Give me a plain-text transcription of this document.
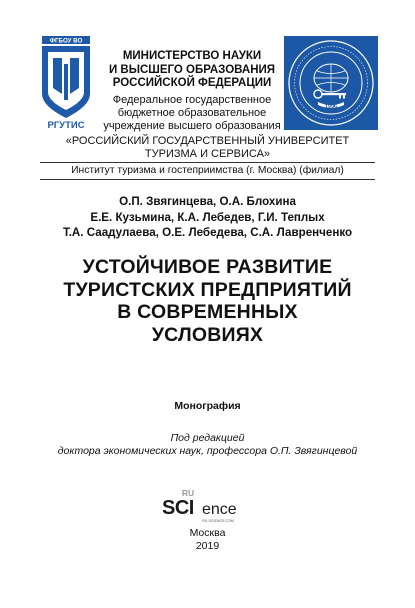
ФГБОУ ВО
РГУТИС
МИНИСТЕРСТВО НАУКИ
И ВЫСШЕГО ОБРАЗОВАНИЯ
РОССИЙСКОЙ ФЕДЕРАЦИИ
Федеральное государственное
бюджетное образовательное
учреждение высшего образования
1996
«РОССИЙСКИЙ ГОСУДАРСТВЕННЫЙ УНИВЕРСИТЕТ
ТУРИЗМА И СЕРВИСА»
Институт туризма и гостеприимства (г. Москва) (филиал)
О.П. Звягинцева, О.А. Блохина
Е.Е. Кузьмина, К.А. Лебедев, Г.И. Теплых
Т.А. Саадулаева, О.Е. Лебедева, С.А. Лавренченко
УСТОЙЧИВОЕ РАЗВИТИЕ
ТУРИСТСКИХ ПРЕДПРИЯТИЙ
В СОВРЕМЕННЫХ
УСЛОВИЯХ
Монография
Под редакцией
доктора экономических наук, профессора О.П. Звягинцевой
RU
SCI ence
RU-SCIENCE.COM
Москва
2019
